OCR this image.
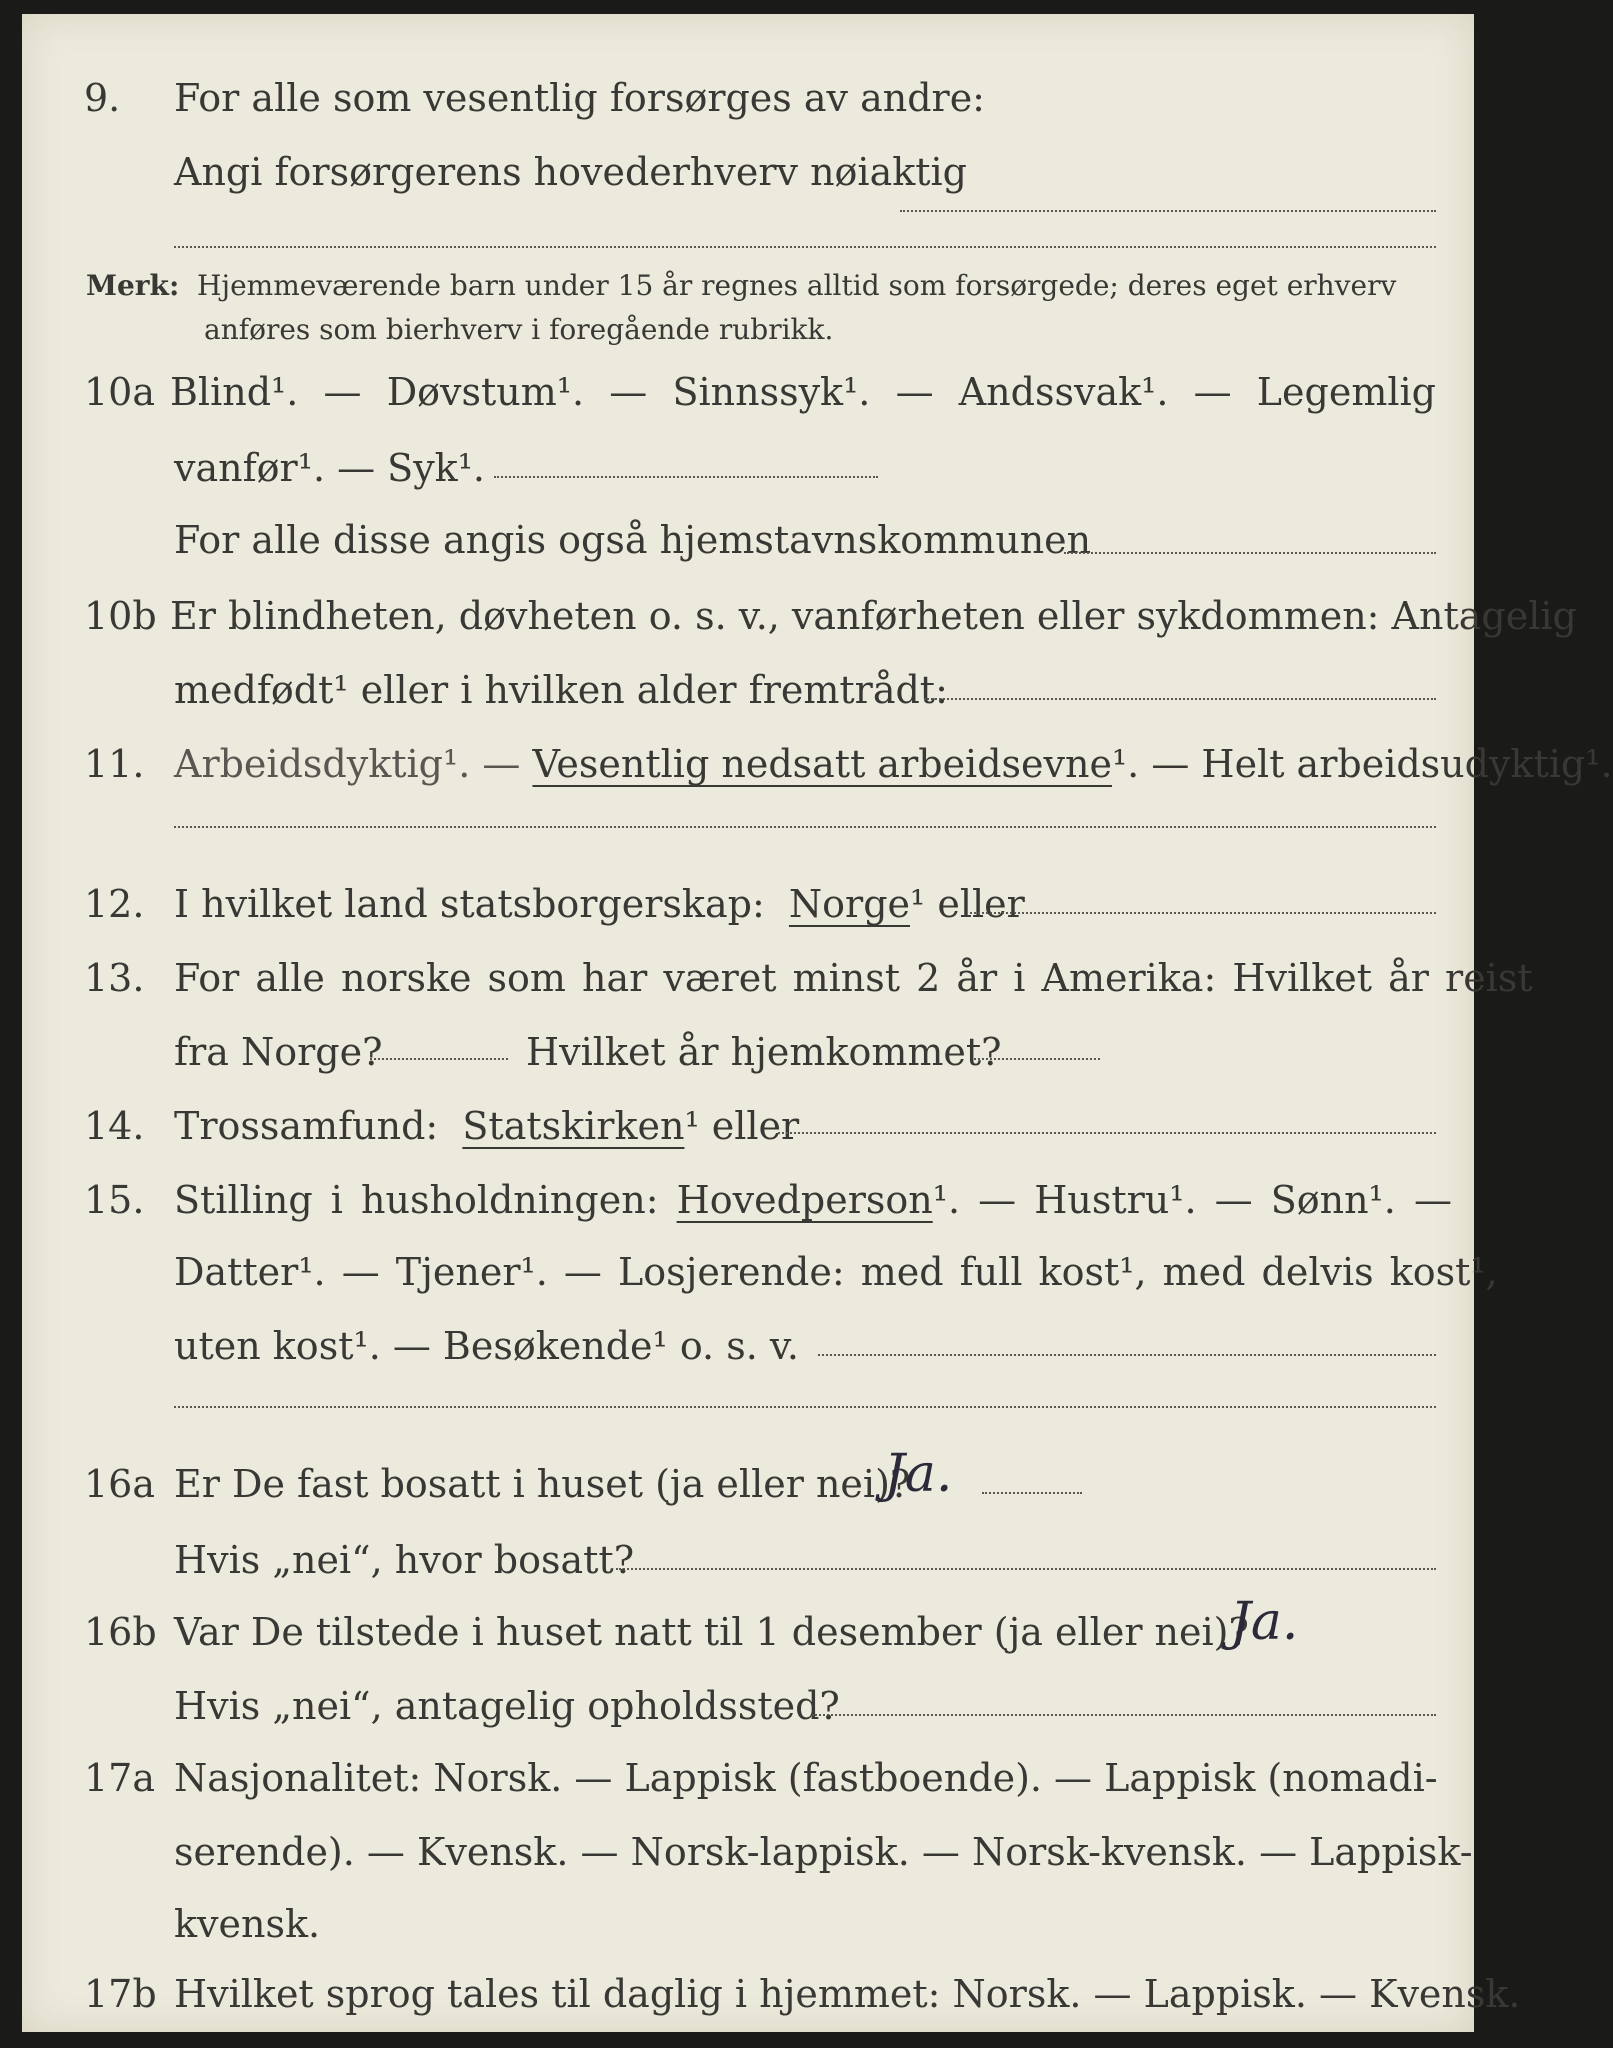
9. For alle som vesentlig forsørges av andre:
Angi forsørgerens hovederhverv nøiaktig
Merk: Hjemmeværende barn under 15 år regnes alltid som forsørgede; deres eget erhverv
anføres som bierhverv i foregående rubrikk.
10a Blind¹. — Døvstum¹. — Sinnssyk¹. — Andssvak¹. — Legemlig
vanfør¹. — Syk¹.
For alle disse angis også hjemstavnskommunen
10b Er blindheten, døvheten o. s. v., vanførheten eller sykdommen: Antagelig
medfødt¹ eller i hvilken alder fremtrådt:
11. Arbeidsdyktig¹. — Vesentlig nedsatt arbeidsevne¹. — Helt arbeidsudyktig¹.
12. I hvilket land statsborgerskap: Norge¹ eller
13. For alle norske som har været minst 2 år i Amerika: Hvilket år reist
fra Norge?	Hvilket år hjemkommet?
14. Trossamfund: Statskirken¹ eller
15. Stilling i husholdningen: Hovedperson¹. — Hustru¹. — Sønn¹. —
Datter¹. — Tjener¹. — Losjerende: med full kost¹, med delvis kost¹,
uten kost¹. — Besøkende¹ o. s. v.
16a Er De fast bosatt i huset (ja eller nei)?
Ja.
Hvis „nei“, hvor bosatt?
16b Var De tilstede i huset natt til 1 desember (ja eller nei)?
Ja.
Hvis „nei“, antagelig opholdssted?
17a Nasjonalitet: Norsk. — Lappisk (fastboende). — Lappisk (nomadi-
serende). — Kvensk. — Norsk-lappisk. — Norsk-kvensk. — Lappisk-
kvensk.
17b Hvilket sprog tales til daglig i hjemmet: Norsk. — Lappisk. — Kvensk.
